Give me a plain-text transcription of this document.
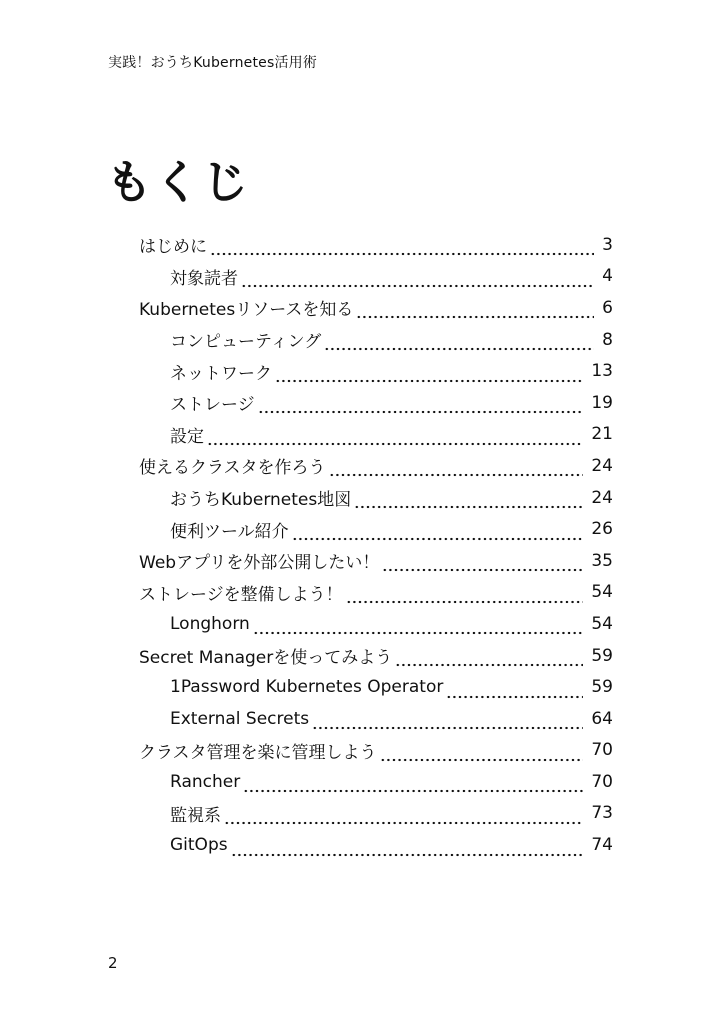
実践！おうちKubernetes活用術
もくじ
はじめに	3
対象読者	4
Kubernetesリソースを知る	6
コンピューティング	8
ネットワーク	13
ストレージ	19
設定	21
使えるクラスタを作ろう	24
おうちKubernetes地図	24
便利ツール紹介	26
Webアプリを外部公開したい！	35
ストレージを整備しよう！	54
Longhorn	54
Secret Managerを使ってみよう	59
1Password Kubernetes Operator	59
External Secrets	64
クラスタ管理を楽に管理しよう	70
Rancher	70
監視系	73
GitOps	74
2
